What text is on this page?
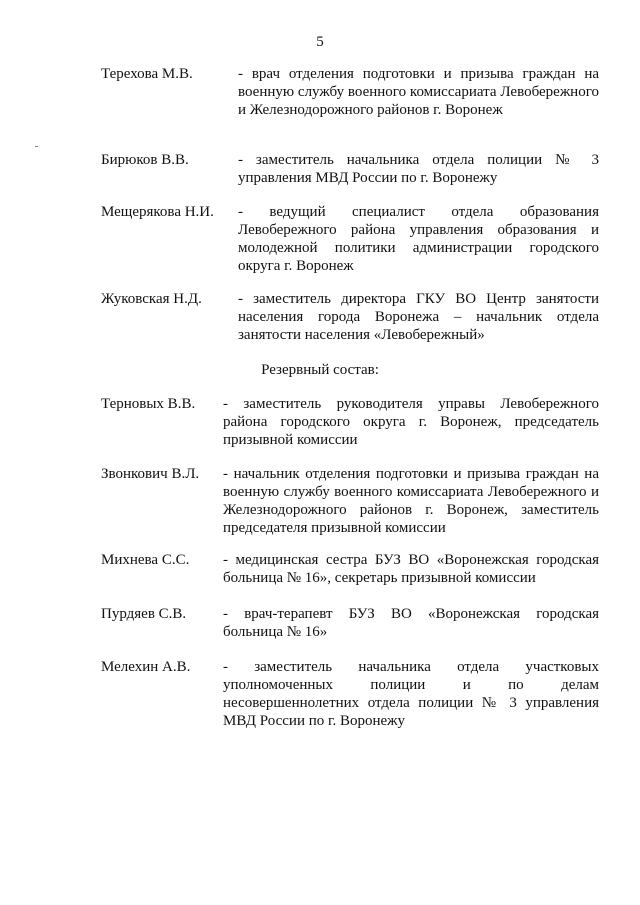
5
Терехова М.В.	- врач отделения подготовки и призыва граждан на военную службу военного комиссариата Левобережного и Железнодорожного районов г. Воронеж
Бирюков В.В.	- заместитель начальника отдела полиции № 3 управления МВД России по г. Воронежу
Мещерякова Н.И. - ведущий специалист отдела образования Левобережного района управления образования и молодежной политики администрации городского округа г. Воронеж
Жуковская Н.Д. - заместитель директора ГКУ ВО Центр занятости населения города Воронежа – начальник отдела занятости населения «Левобережный»
Резервный состав:
Терновых В.В. - заместитель руководителя управы Левобережного района городского округа г. Воронеж, председатель призывной комиссии
Звонкович В.Л. - начальник отделения подготовки и призыва граждан на военную службу военного комиссариата Левобережного и Железнодорожного районов г. Воронеж, заместитель председателя призывной комиссии
Михнева С.С. - медицинская сестра БУЗ ВО «Воронежская городская больница № 16», секретарь призывной комиссии
Пурдяев С.В. - врач-терапевт БУЗ ВО «Воронежская городская больница № 16»
Мелехин А.В. - заместитель начальника отдела участковых уполномоченных полиции и по делам несовершеннолетних отдела полиции № 3 управления МВД России по г. Воронежу
